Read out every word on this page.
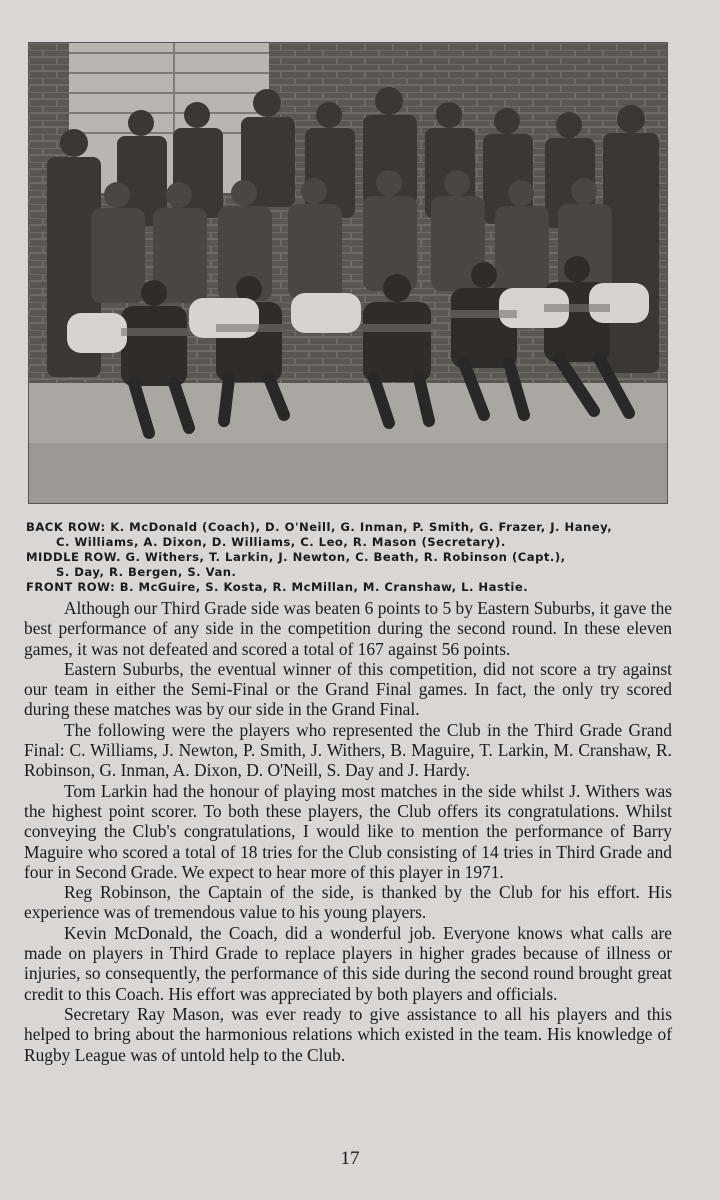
BACK ROW: K. McDonald (Coach), D. O'Neill, G. Inman, P. Smith, G. Frazer, J. Haney,
C. Williams, A. Dixon, D. Williams, C. Leo, R. Mason (Secretary).

MIDDLE ROW. G. Withers, T. Larkin, J. Newton, C. Beath, R. Robinson (Capt.),
S. Day, R. Bergen, S. Van.

FRONT ROW: B. McGuire, S. Kosta, R. McMillan, M. Cranshaw, L. Hastie.

Although our Third Grade side was beaten 6 points to 5 by Eastern Suburbs, it gave the best performance of any side in the competition during the second round. In these eleven games, it was not defeated and scored a total of 167 against 56 points.

Eastern Suburbs, the eventual winner of this competition, did not score a try against our team in either the Semi-Final or the Grand Final games. In fact, the only try scored during these matches was by our side in the Grand Final.

The following were the players who represented the Club in the Third Grade Grand Final: C. Williams, J. Newton, P. Smith, J. Withers, B. Maguire, T. Larkin, M. Cranshaw, R. Robinson, G. Inman, A. Dixon, D. O'Neill, S. Day and J. Hardy.

Tom Larkin had the honour of playing most matches in the side whilst J. Withers was the highest point scorer. To both these players, the Club offers its congratulations. Whilst conveying the Club's congratulations, I would like to mention the performance of Barry Maguire who scored a total of 18 tries for the Club consisting of 14 tries in Third Grade and four in Second Grade. We expect to hear more of this player in 1971.

Reg Robinson, the Captain of the side, is thanked by the Club for his effort. His experience was of tremendous value to his young players.

Kevin McDonald, the Coach, did a wonderful job. Everyone knows what calls are made on players in Third Grade to replace players in higher grades because of illness or injuries, so consequently, the performance of this side during the second round brought great credit to this Coach. His effort was appreciated by both players and officials.

Secretary Ray Mason, was ever ready to give assistance to all his players and this helped to bring about the harmonious relations which existed in the team. His knowledge of Rugby League was of untold help to the Club.

17
